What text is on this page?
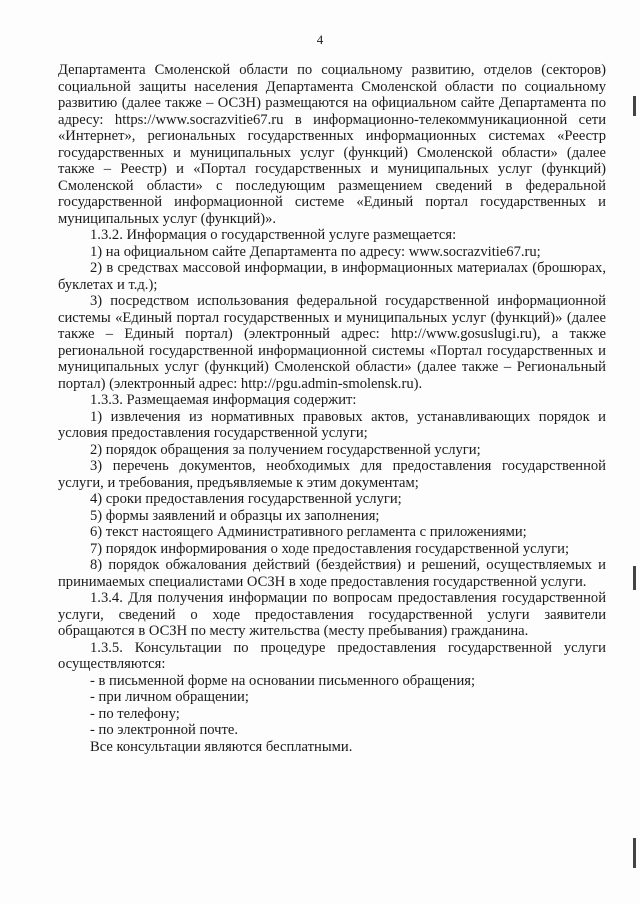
4

Департамента Смоленской области по социальному развитию, отделов (секторов) социальной защиты населения Департамента Смоленской области по социальному развитию (далее также – ОСЗН) размещаются на официальном сайте Департамента по адресу: https://www.socrazvitie67.ru в информационно-телекоммуникационной сети «Интернет», региональных государственных информационных системах «Реестр государственных и муниципальных услуг (функций) Смоленской области» (далее также – Реестр) и «Портал государственных и муниципальных услуг (функций) Смоленской области» с последующим размещением сведений в федеральной государственной информационной системе «Единый портал государственных и муниципальных услуг (функций)».

1.3.2. Информация о государственной услуге размещается:

1) на официальном сайте Департамента по адресу: www.socrazvitie67.ru;

2) в средствах массовой информации, в информационных материалах (брошюрах, буклетах и т.д.);

3) посредством использования федеральной государственной информационной системы «Единый портал государственных и муниципальных услуг (функций)» (далее также – Единый портал) (электронный адрес: http://www.gosuslugi.ru), а также региональной государственной информационной системы «Портал государственных и муниципальных услуг (функций) Смоленской области» (далее также – Региональный портал) (электронный адрес: http://pgu.admin-smolensk.ru).

1.3.3. Размещаемая информация содержит:

1) извлечения из нормативных правовых актов, устанавливающих порядок и условия предоставления государственной услуги;

2) порядок обращения за получением государственной услуги;

3) перечень документов, необходимых для предоставления государственной услуги, и требования, предъявляемые к этим документам;

4) сроки предоставления государственной услуги;

5) формы заявлений и образцы их заполнения;

6) текст настоящего Административного регламента с приложениями;

7) порядок информирования о ходе предоставления государственной услуги;

8) порядок обжалования действий (бездействия) и решений, осуществляемых и принимаемых специалистами ОСЗН в ходе предоставления государственной услуги.

1.3.4. Для получения информации по вопросам предоставления государственной услуги, сведений о ходе предоставления государственной услуги заявители обращаются в ОСЗН по месту жительства (месту пребывания) гражданина.

1.3.5. Консультации по процедуре предоставления государственной услуги осуществляются:

- в письменной форме на основании письменного обращения;

- при личном обращении;

- по телефону;

- по электронной почте.

Все консультации являются бесплатными.
